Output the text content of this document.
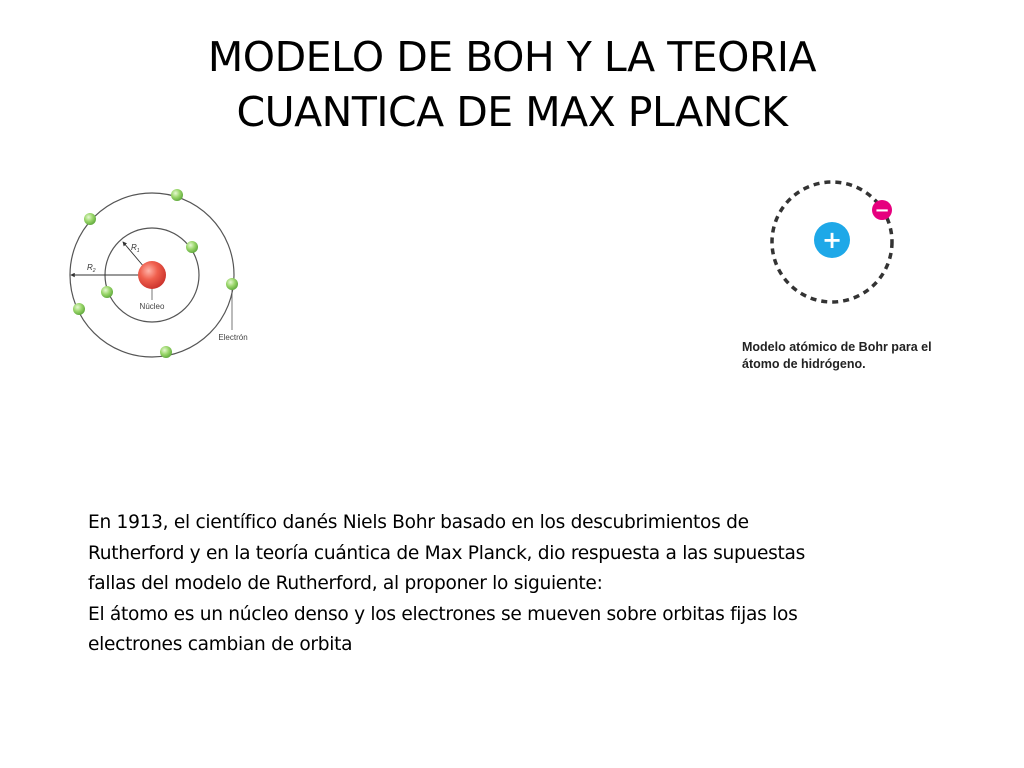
MODELO DE BOH Y LA TEORIA
CUANTICA DE MAX PLANCK
$R_1$
$R_2$
Núcleo
Electrón
+
−
Modelo atómico de Bohr para el
átomo de hidrógeno.
En 1913, el científico danés Niels Bohr basado en los descubrimientos de
Rutherford y en la teoría cuántica de Max Planck, dio respuesta a las supuestas
fallas del modelo de Rutherford, al proponer lo siguiente:
El átomo es un núcleo denso y los electrones se mueven sobre orbitas fijas los
electrones cambian de orbita
